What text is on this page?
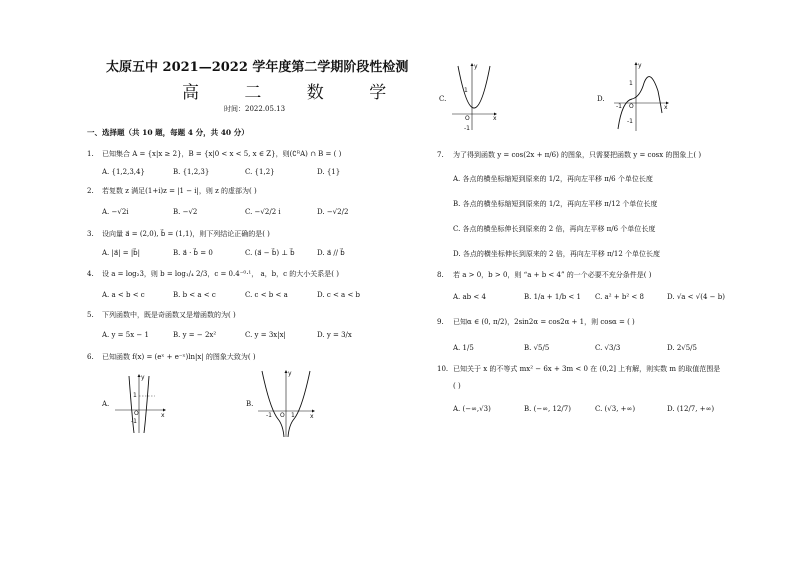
太原五中 2021—2022 学年度第二学期阶段性检测
高 二 数 学
时间：2022.05.13
一、选择题（共 10 题，每题 4 分，共 40 分）
1. 已知集合 A = {x|x ≥ 2}，B = {x|0 < x < 5, x ∈ Z}，则(∁ᴿA) ∩ B = ( )
A. {1,2,3,4}	B. {1,2,3}	C. {1,2}	D. {1}
2. 若复数 z 满足(1+i)z = |1 − i|，则 z 的虚部为( )
A. −√2i	B. −√2	C. −√2/2 i	D. −√2/2
3. 设向量 a⃗ = (2,0), b⃗ = (1,1)，则下列结论正确的是( )
A. |a⃗| = |b⃗|	B. a⃗ · b⃗ = 0	C. (a⃗ − b⃗) ⊥ b⃗	D. a⃗ // b⃗
4. 设 a = log₂3，则 b = log₁/₄ 2/3，c = 0.4⁻⁰·¹， a，b，c 的大小关系是( )
A. a < b < c	B. b < a < c	C. c < b < a	D. c < a < b
5. 下列函数中，既是奇函数又是增函数的为( )
A. y = 5x − 1	B. y = − 2x²	C. y = 3x|x|	D. y = 3/x
6. 已知函数 f(x) = (eˣ + e⁻ˣ)ln|x| 的图象大致为( )
A.
y
x
O
1
-1
B.
y
x
O 1
-1
C.
y
x
O
1
-1
D.
y
x
O
1
-1
-1
7. 为了得到函数 y = cos(2x + π/6) 的图象，只需要把函数 y = cosx 的图象上( )
A. 各点的横坐标缩短到原来的 1/2，再向左平移 π/6 个单位长度
B. 各点的横坐标缩短到原来的 1/2，再向左平移 π/12 个单位长度
C. 各点的横坐标伸长到原来的 2 倍，再向左平移 π/6 个单位长度
D. 各点的横坐标伸长到原来的 2 倍，再向左平移 π/12 个单位长度
8. 若 a > 0，b > 0，则 “a + b < 4” 的一个必要不充分条件是( )
A. ab < 4	B. 1/a + 1/b < 1 C. a² + b² < 8	D. √a < √(4 − b)
9. 已知α ∈ (0, π/2)，2sin2α = cos2α + 1，则 cosα = ( )
A. 1/5	B. √5/5	C. √3/3	D. 2√5/5
10. 已知关于 x 的不等式 mx² − 6x + 3m < 0 在 (0,2] 上有解，则实数 m 的取值范围是
( )
A. (−∞,√3)	B. (−∞, 12/7)	C. (√3, +∞)	D. (12/7, +∞)
